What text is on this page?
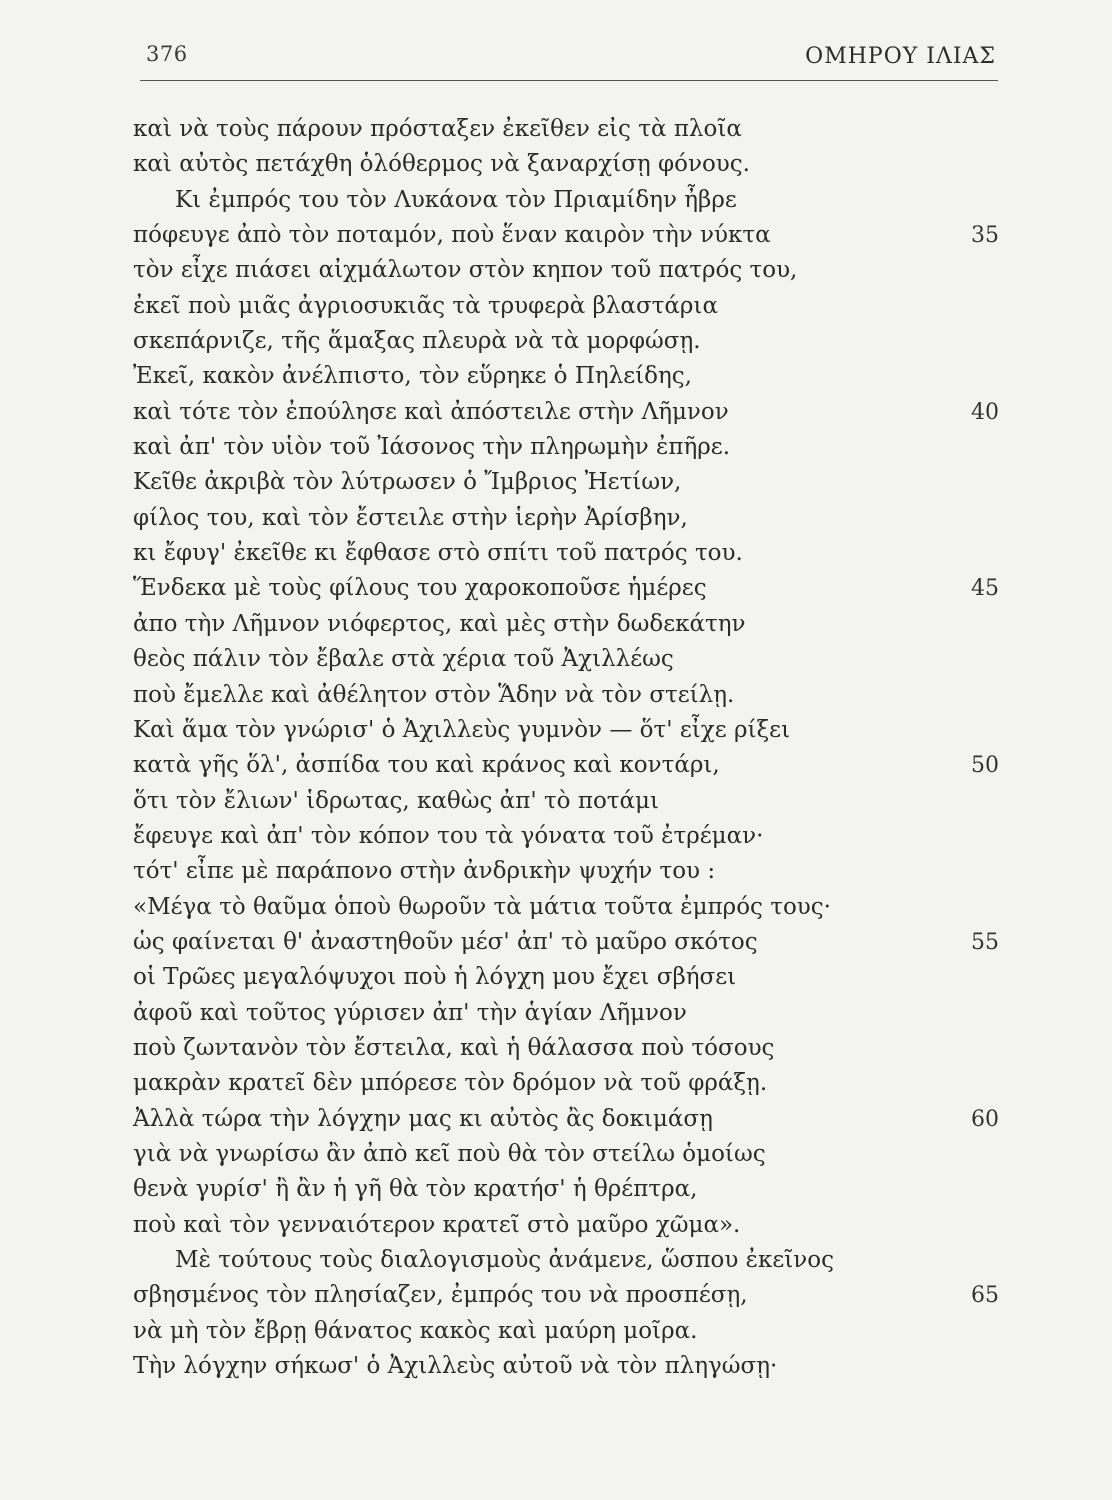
376	ΟΜΗΡΟΥ ΙΛΙΑΣ
καὶ νὰ τοὺς πάρουν πρόσταξεν ἐκεῖθεν εἰς τὰ πλοῖα
καὶ αὐτὸς πετάχθη ὁλόθερμος νὰ ξαναρχίσῃ φόνους.
Κι ἐμπρός του τὸν Λυκάονα τὸν Πριαμίδην ἦβρε
πόφευγε ἀπὸ τὸν ποταμόν, ποὺ ἕναν καιρὸν τὴν νύκτα	35
τὸν εἶχε πιάσει αἰχμάλωτον στὸν κηπον τοῦ πατρός του,
ἐκεῖ ποὺ μιᾶς ἀγριοσυκιᾶς τὰ τρυφερὰ βλαστάρια
σκεπάρνιζε, τῆς ἅμαξας πλευρὰ νὰ τὰ μορφώσῃ.
Ἐκεῖ, κακὸν ἀνέλπιστο, τὸν εὕρηκε ὁ Πηλείδης,
καὶ τότε τὸν ἐπούλησε καὶ ἀπόστειλε στὴν Λῆμνον	40
καὶ ἀπ' τὸν υἱὸν τοῦ Ἰάσονος τὴν πληρωμὴν ἐπῆρε.
Κεῖθε ἀκριβὰ τὸν λύτρωσεν ὁ Ἴμβριος Ἠετίων,
φίλος του, καὶ τὸν ἔστειλε στὴν ἱερὴν Ἀρίσβην,
κι ἔφυγ' ἐκεῖθε κι ἔφθασε στὸ σπίτι τοῦ πατρός του.
Ἕνδεκα μὲ τοὺς φίλους του χαροκοποῦσε ἡμέρες	45
ἀπο τὴν Λῆμνον νιόφερτος, καὶ μὲς στὴν δωδεκάτην
θεὸς πάλιν τὸν ἔβαλε στὰ χέρια τοῦ Ἀχιλλέως
ποὺ ἔμελλε καὶ ἀθέλητον στὸν Ἅδην νὰ τὸν στείλῃ.
Καὶ ἅμα τὸν γνώρισ' ὁ Ἀχιλλεὺς γυμνὸν — ὅτ' εἶχε ρίξει
κατὰ γῆς ὅλ', ἀσπίδα του καὶ κράνος καὶ κοντάρι,	50
ὅτι τὸν ἔλιων' ἱδρωτας, καθὼς ἀπ' τὸ ποτάμι
ἔφευγε καὶ ἀπ' τὸν κόπον του τὰ γόνατα τοῦ ἐτρέμαν·
τότ' εἶπε μὲ παράπονο στὴν ἀνδρικὴν ψυχήν του :
«Μέγα τὸ θαῦμα ὁποὺ θωροῦν τὰ μάτια τοῦτα ἐμπρός τους·
ὡς φαίνεται θ' ἀναστηθοῦν μέσ' ἀπ' τὸ μαῦρο σκότος	55
οἱ Τρῶες μεγαλόψυχοι ποὺ ἡ λόγχη μου ἔχει σβήσει
ἀφοῦ καὶ τοῦτος γύρισεν ἀπ' τὴν ἁγίαν Λῆμνον
ποὺ ζωντανὸν τὸν ἔστειλα, καὶ ἡ θάλασσα ποὺ τόσους
μακρὰν κρατεῖ δὲν μπόρεσε τὸν δρόμον νὰ τοῦ φράξῃ.
Ἀλλὰ τώρα τὴν λόγχην μας κι αὐτὸς ἂς δοκιμάσῃ	60
γιὰ νὰ γνωρίσω ἂν ἀπὸ κεῖ ποὺ θὰ τὸν στείλω ὁμοίως
θενὰ γυρίσ' ἢ ἂν ἡ γῆ θὰ τὸν κρατήσ' ἡ θρέπτρα,
ποὺ καὶ τὸν γενναιότερον κρατεῖ στὸ μαῦρο χῶμα».
Μὲ τούτους τοὺς διαλογισμοὺς ἀνάμενε, ὥσπου ἐκεῖνος
σβησμένος τὸν πλησίαζεν, ἐμπρός του νὰ προσπέσῃ,	65
νὰ μὴ τὸν ἔβρῃ θάνατος κακὸς καὶ μαύρη μοῖρα.
Τὴν λόγχην σήκωσ' ὁ Ἀχιλλεὺς αὐτοῦ νὰ τὸν πληγώσῃ·
